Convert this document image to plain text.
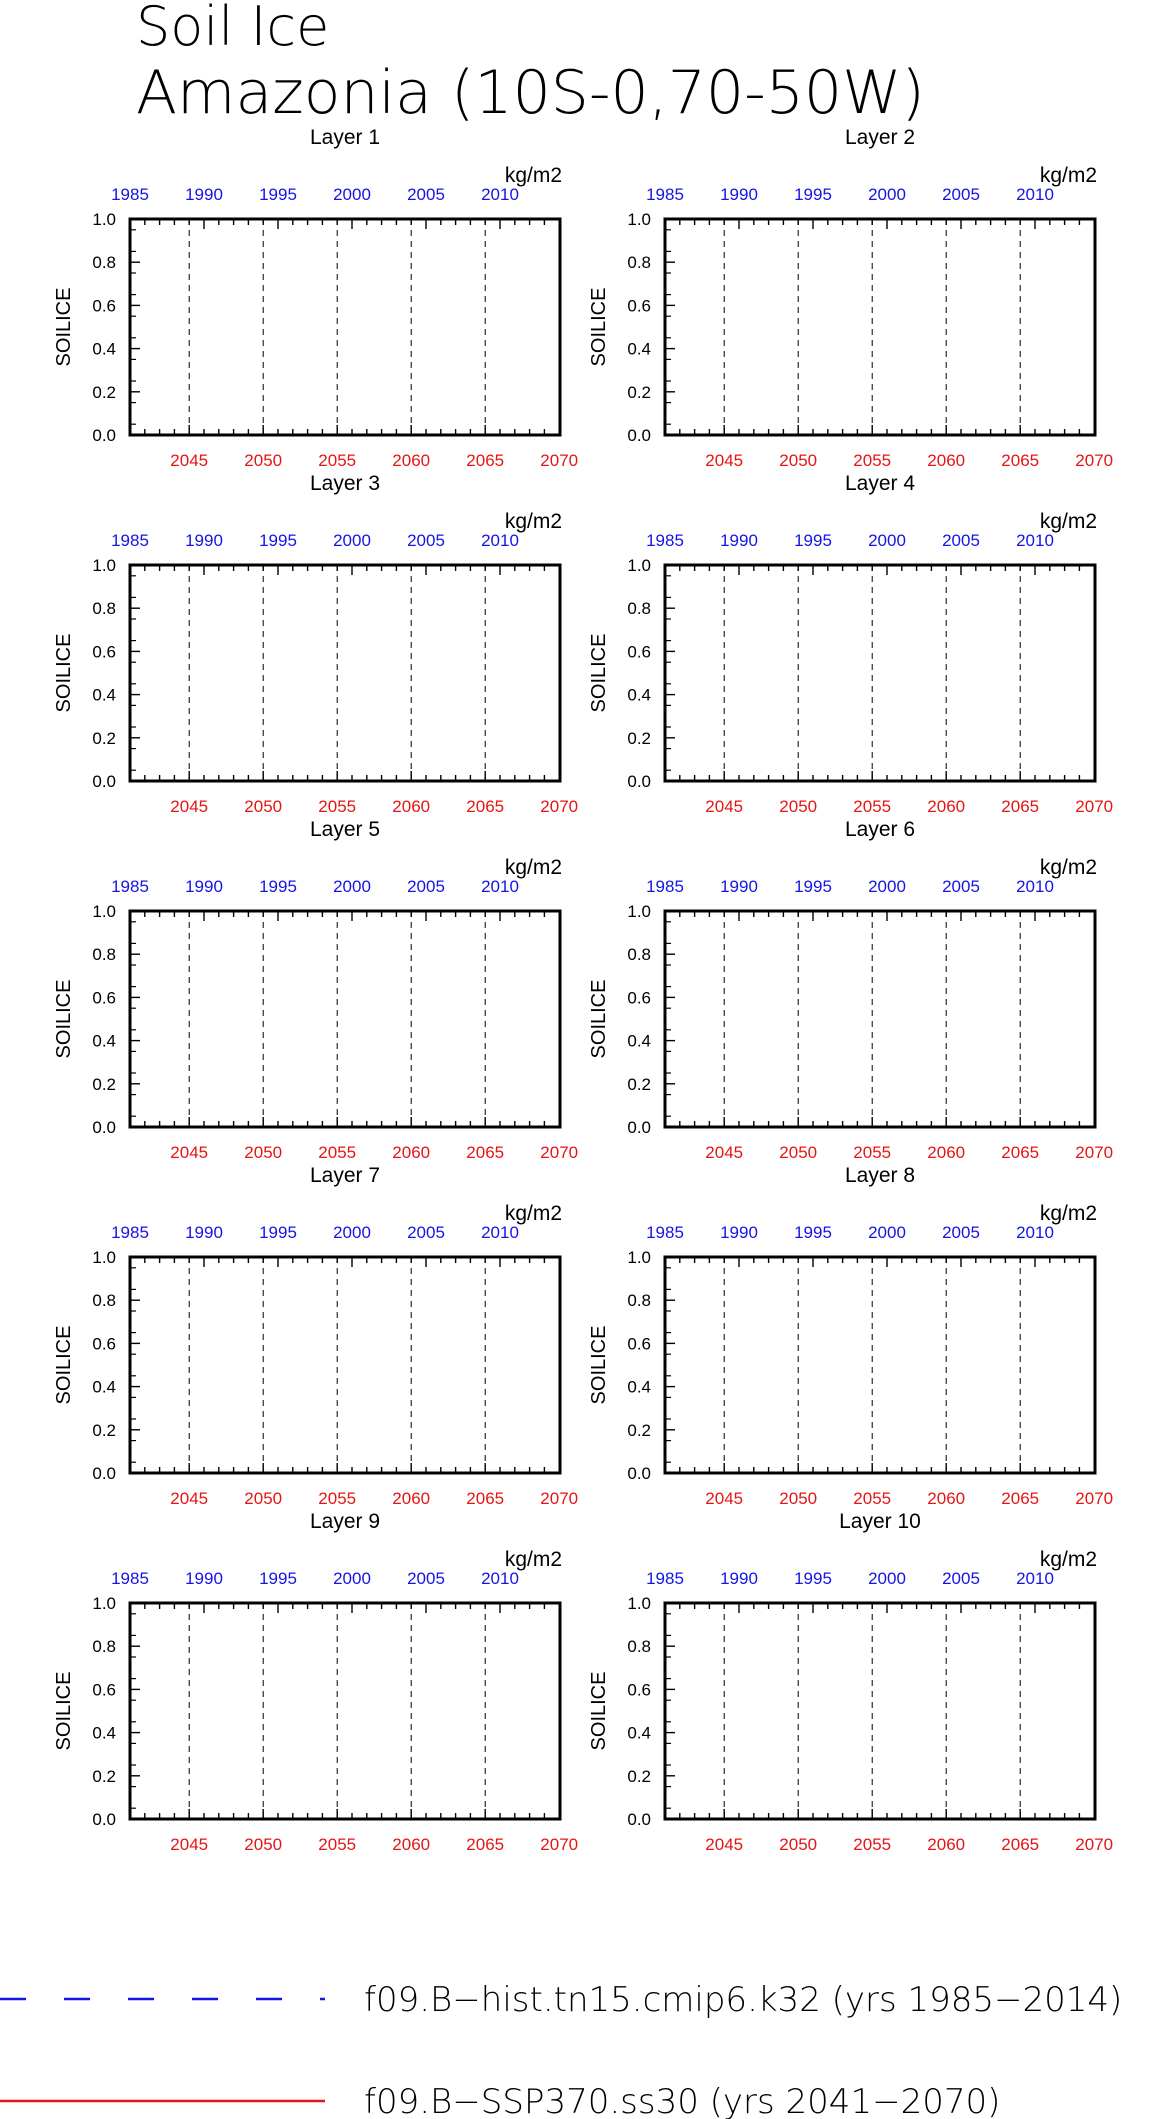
Soil Ice
Amazonia (10S-0,70-50W)
Layer 1
kg/m2
SOILICE
2045 2050 2055 2060 2065 2070
1985 1990 1995 2000 2005 2010
0.0
0.2
0.4
0.6
0.8
1.0
Layer 2
kg/m2
SOILICE
2045 2050 2055 2060 2065 2070
1985 1990 1995 2000 2005 2010
0.0
0.2
0.4
0.6
0.8
1.0
Layer 3
kg/m2
SOILICE
2045 2050 2055 2060 2065 2070
1985 1990 1995 2000 2005 2010
0.0
0.2
0.4
0.6
0.8
1.0
Layer 4
kg/m2
SOILICE
2045 2050 2055 2060 2065 2070
1985 1990 1995 2000 2005 2010
0.0
0.2
0.4
0.6
0.8
1.0
Layer 5
kg/m2
SOILICE
2045 2050 2055 2060 2065 2070
1985 1990 1995 2000 2005 2010
0.0
0.2
0.4
0.6
0.8
1.0
Layer 6
kg/m2
SOILICE
2045 2050 2055 2060 2065 2070
1985 1990 1995 2000 2005 2010
0.0
0.2
0.4
0.6
0.8
1.0
Layer 7
kg/m2
SOILICE
2045 2050 2055 2060 2065 2070
1985 1990 1995 2000 2005 2010
0.0
0.2
0.4
0.6
0.8
1.0
Layer 8
kg/m2
SOILICE
2045 2050 2055 2060 2065 2070
1985 1990 1995 2000 2005 2010
0.0
0.2
0.4
0.6
0.8
1.0
Layer 9
kg/m2
SOILICE
2045 2050 2055 2060 2065 2070
1985 1990 1995 2000 2005 2010
0.0
0.2
0.4
0.6
0.8
1.0
Layer 10
kg/m2
SOILICE
2045 2050 2055 2060 2065 2070
1985 1990 1995 2000 2005 2010
0.0
0.2
0.4
0.6
0.8
1.0
f09.B−hist.tn15.cmip6.k32 (yrs 1985−2014)
f09.B−SSP370.ss30 (yrs 2041−2070)
